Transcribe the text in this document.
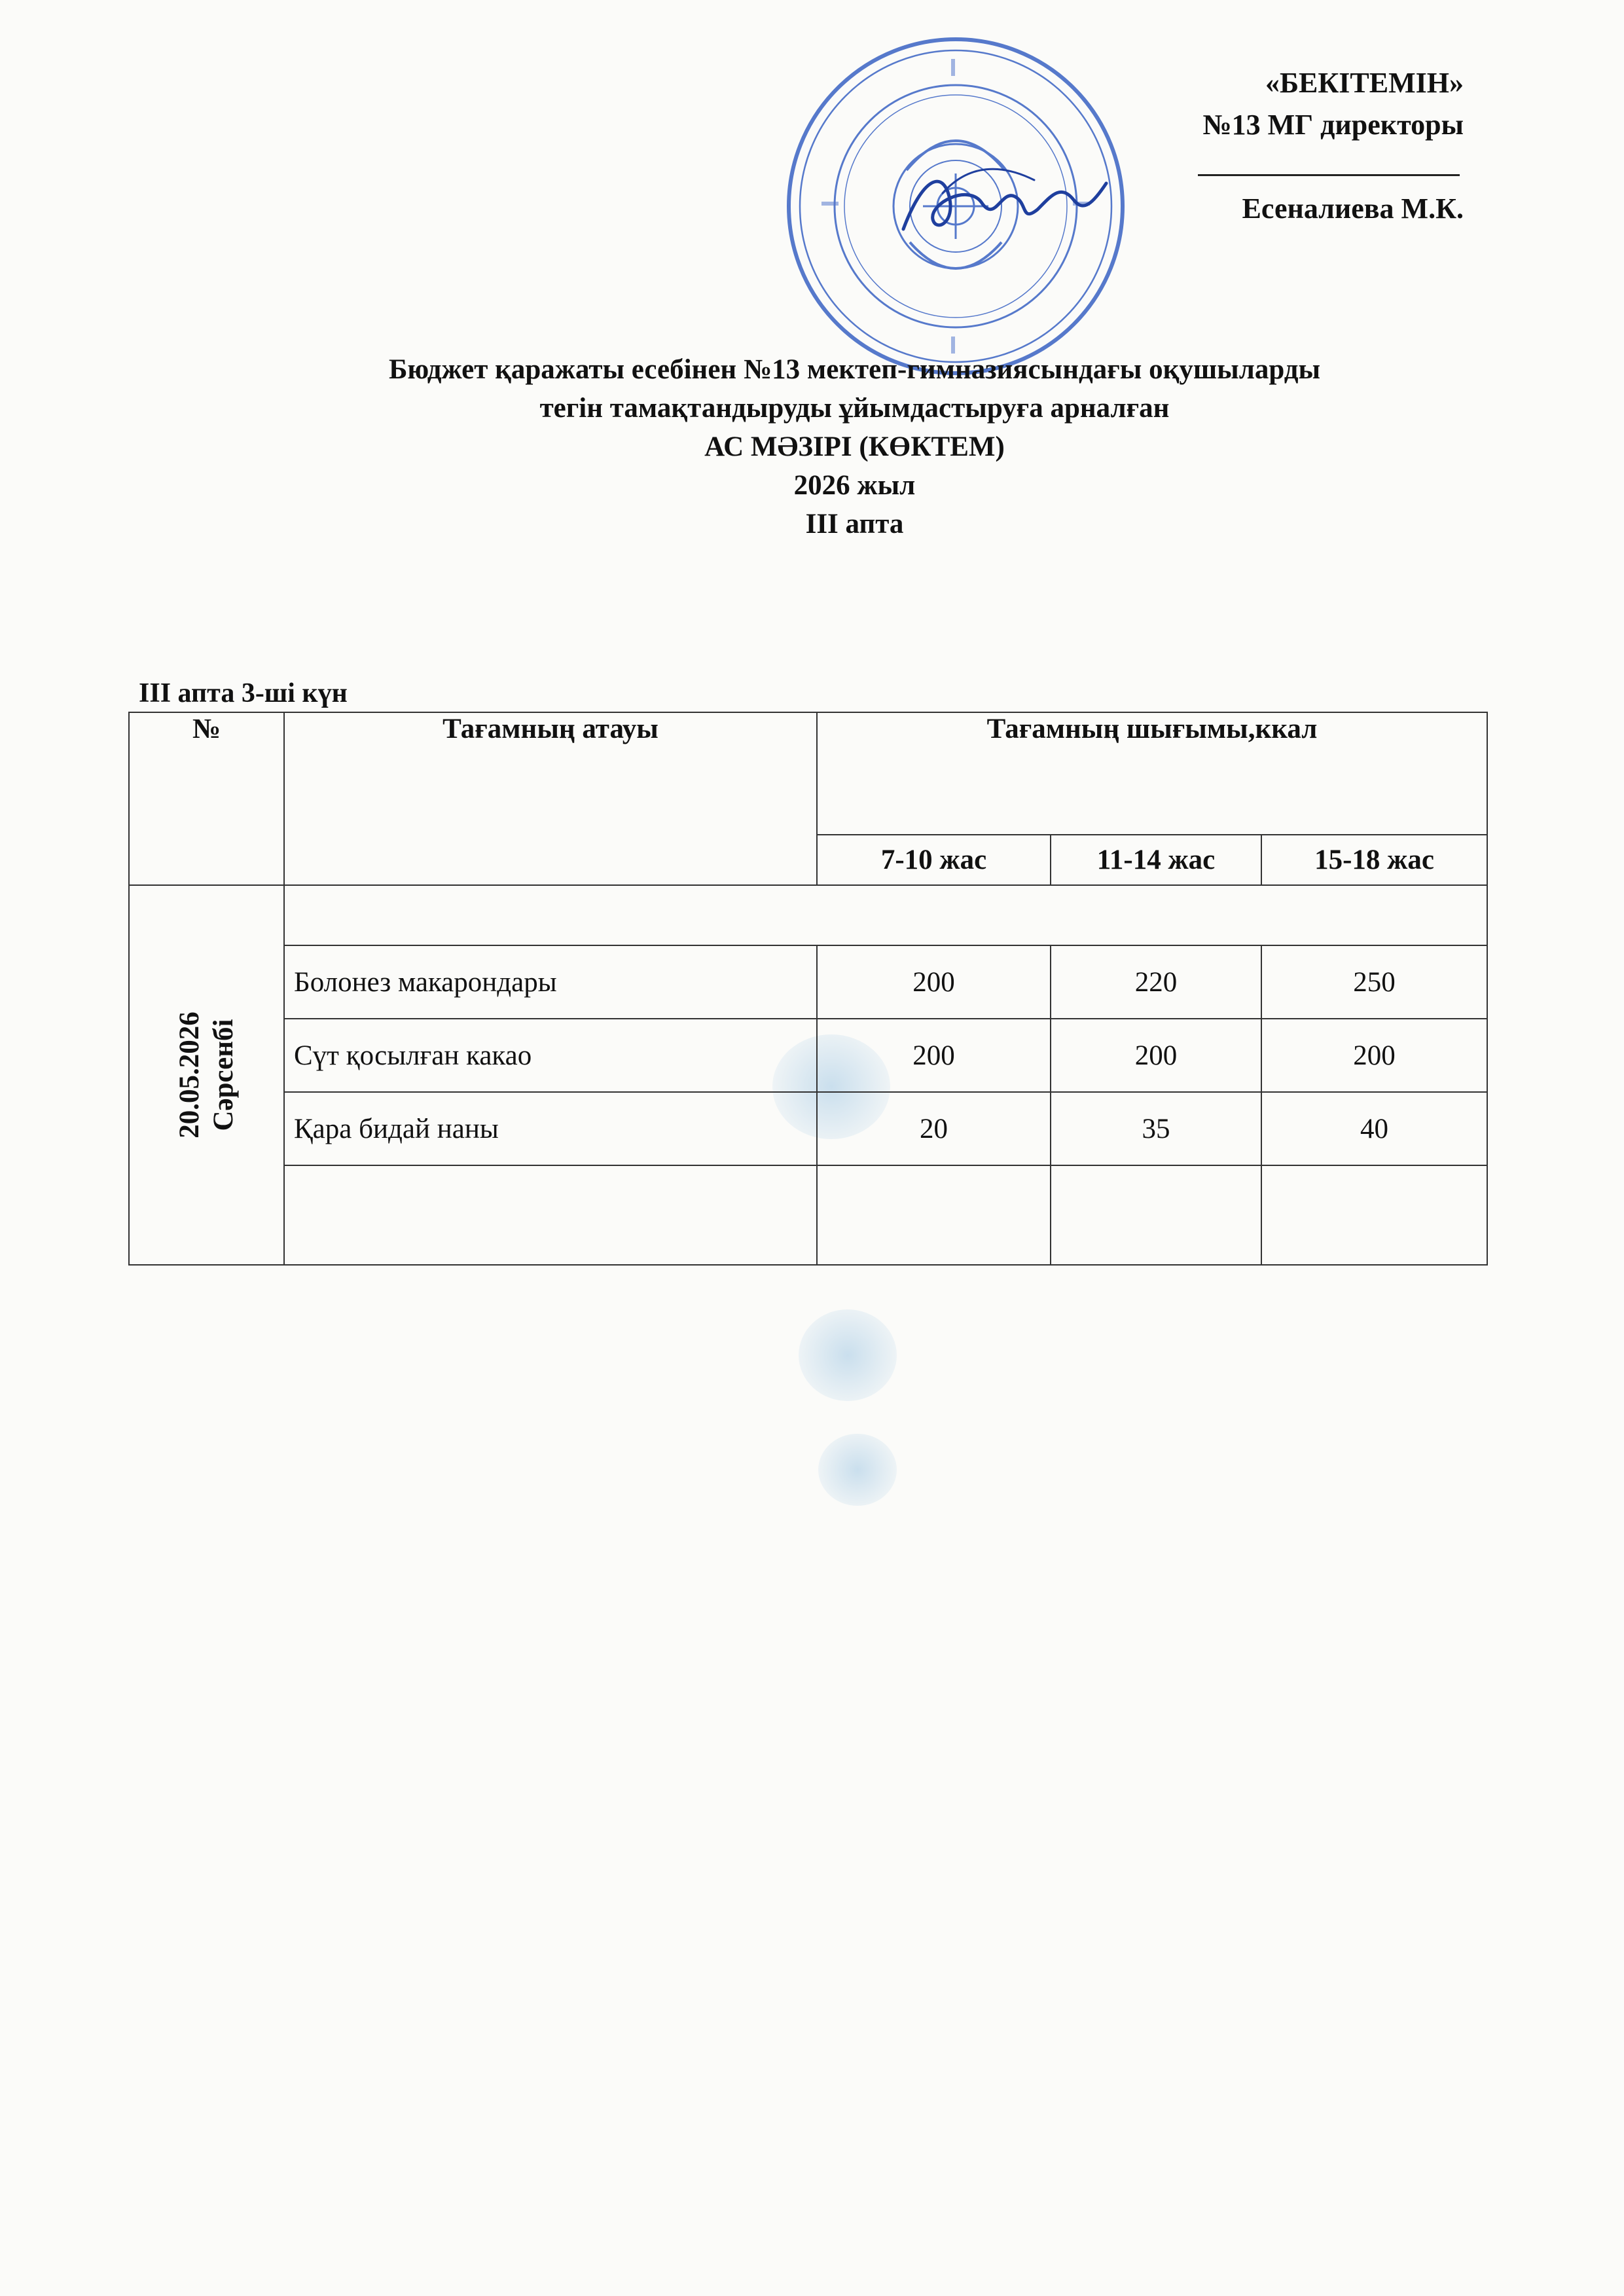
«БЕКІТЕМІН»
№13 МГ директоры
Есеналиева М.К.
Бюджет қаражаты есебінен №13 мектеп-гимназиясындағы оқушыларды
тегін тамақтандыруды ұйымдастыруға арналған
АС МӘЗІРІ (КӨКТЕМ)
2026 жыл
III апта
III апта 3-ші күн
№	Тағамның атауы	Тағамның шығымы,ккал		
		7-10 жас	11-14 жас	15-18 жас

20.05.2026 Сәрсенбі				

	Болонез макарондары	200	220	250
	Сүт қосылған какао	200	200	200
	Қара бидай наны	20	35	40
